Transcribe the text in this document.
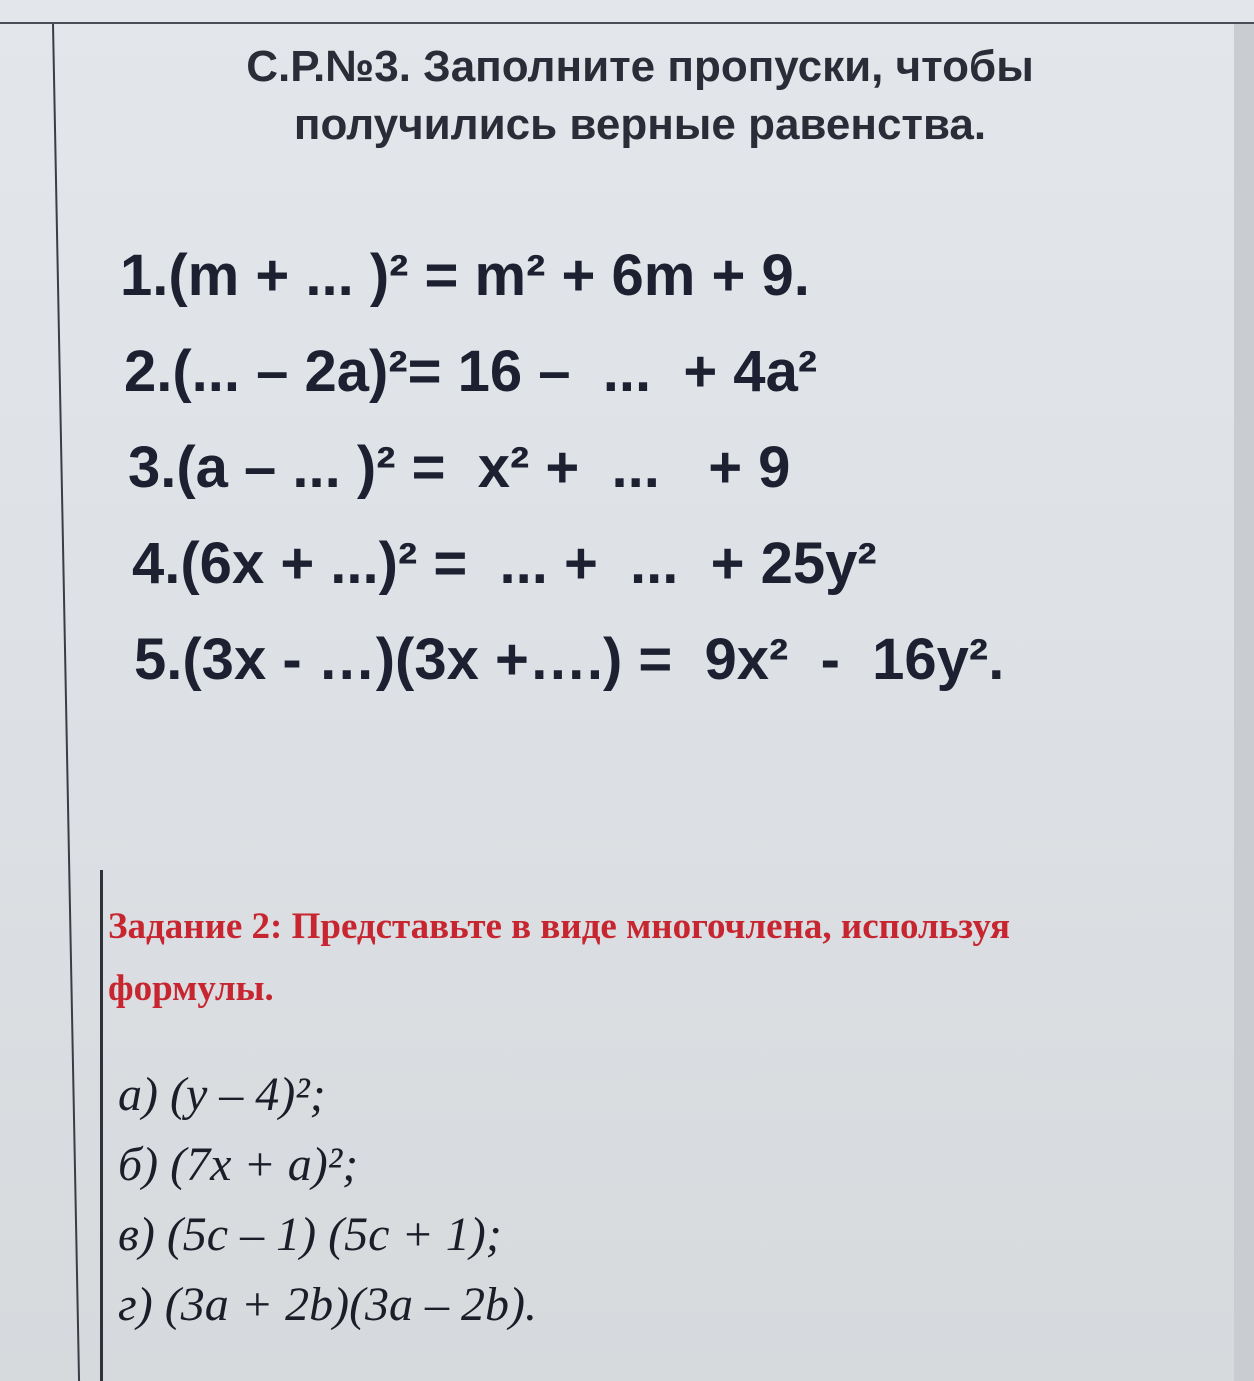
С.Р.№3. Заполните пропуски, чтобы
получились верные равенства.
1.(m + ... )² = m² + 6m + 9.
2.(... – 2a)²= 16 –  ...  + 4a²
3.(a – ... )² =  x² +  ...   + 9
4.(6x + ...)² =  ... +  ...  + 25y²
5.(3x - …)(3x +….) =  9x²  -  16y².
Задание 2: Представьте в виде многочлена, используя
формулы.
а) (у – 4)²;
б) (7x + a)²;
в) (5c – 1) (5c + 1);
г) (3a + 2b)(3a – 2b).
